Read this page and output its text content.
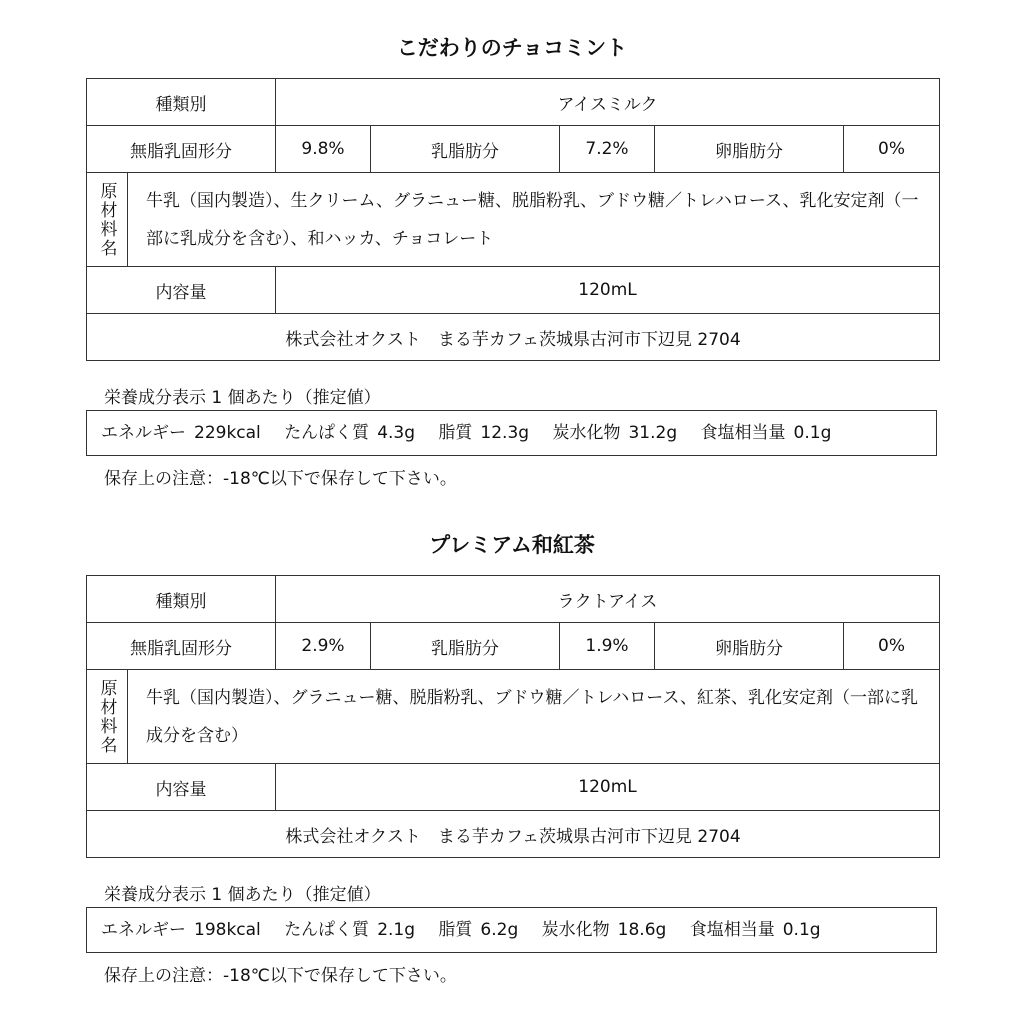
こだわりのチョコミント
種類別	アイスミルク				
無脂乳固形分	9.8%	乳脂肪分	7.2%	卵脂肪分	0%

原材料名 牛乳（国内製造）、生クリーム、グラニュー糖、脱脂粉乳、ブドウ糖／トレハロース、乳化安定剤（一部に乳成分を含む）、和ハッカ、チョコレート					

内容量	120mL				
株式会社オクスト　まる芋カフェ茨城県古河市下辺見 2704					
栄養成分表示 1 個あたり（推定値）
エネルギー 229kcal たんぱく質 4.3g 脂質 12.3g 炭水化物 31.2g 食塩相当量 0.1g
保存上の注意：-18℃以下で保存して下さい。
プレミアム和紅茶
種類別	ラクトアイス				
無脂乳固形分	2.9%	乳脂肪分	1.9%	卵脂肪分	0%

原材料名 牛乳（国内製造）、グラニュー糖、脱脂粉乳、ブドウ糖／トレハロース、紅茶、乳化安定剤（一部に乳成分を含む）					

内容量	120mL				
株式会社オクスト　まる芋カフェ茨城県古河市下辺見 2704					
栄養成分表示 1 個あたり（推定値）
エネルギー 198kcal たんぱく質 2.1g 脂質 6.2g 炭水化物 18.6g 食塩相当量 0.1g
保存上の注意：-18℃以下で保存して下さい。
